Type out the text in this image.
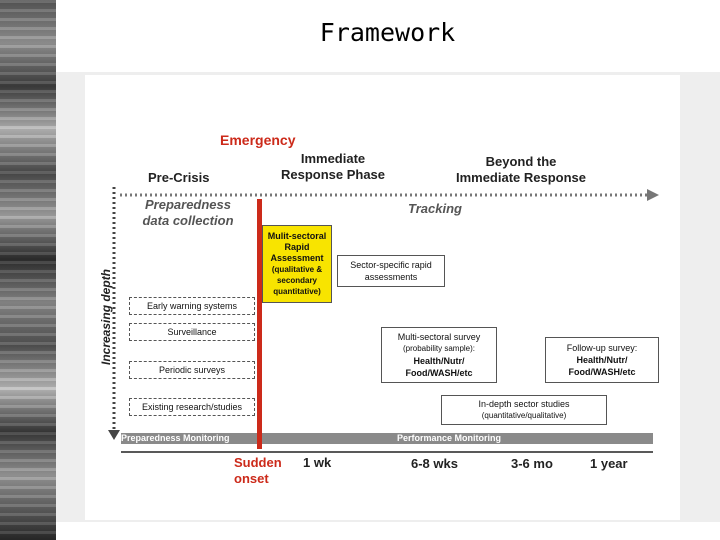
Framework
Emergency
Pre-Crisis
Immediate
Response Phase
Beyond the
Immediate Response
Preparedness
data collection
Tracking
Increasing depth
Mulit-sectoral
Rapid
Assessment
(qualitative &
secondary
quantitative)
Sector-specific rapid
assessments
Early warning systems
Surveillance
Periodic surveys
Existing research/studies
Multi-sectoral survey
(probability sample):
Health/Nutr/
Food/WASH/etc
Follow-up survey:
Health/Nutr/
Food/WASH/etc
In-depth sector studies
(quantitative/qualitative)
Preparedness Monitoring	Performance Monitoring
Sudden
onset
1 wk	6-8 wks	3-6 mo	1 year
